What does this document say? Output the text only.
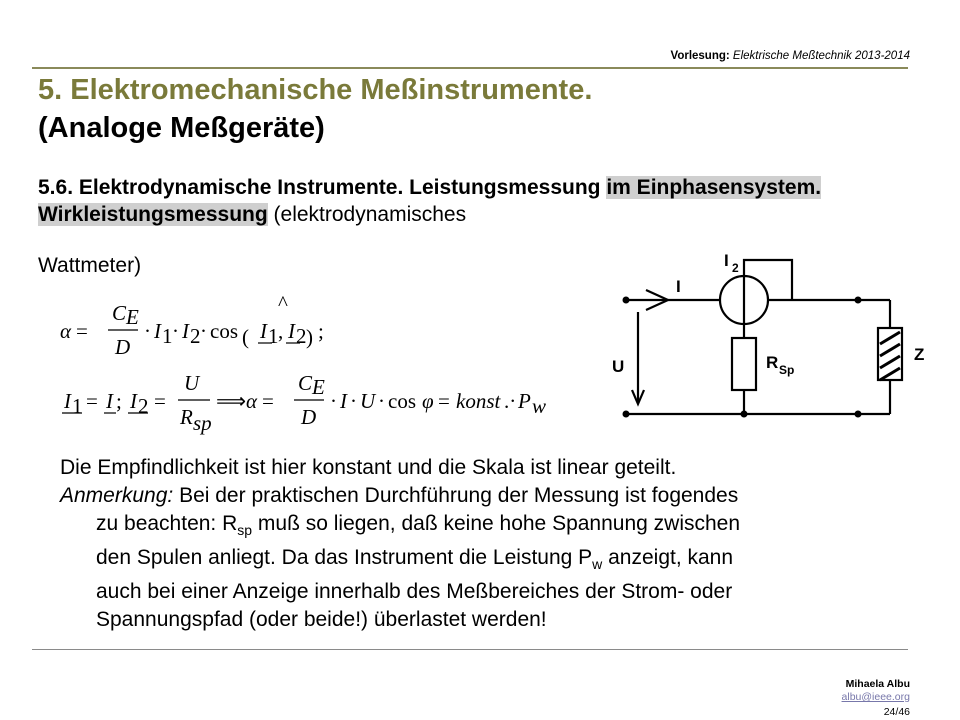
Vorlesung: Elektrische Meßtechnik 2013-2014
5. Elektromechanische Meßinstrumente.
(Analoge Meßgeräte)
5.6. Elektrodynamische Instrumente. Leistungsmessung im Einphasensystem. Wirkleistungsmessung (elektrodynamisches
Wattmeter)
α =
C E
D
· I 1 · I 2 · cos ( I 1 ,
^
I 2 ) ;
I 1 = I ; I 2 =
U
R sp
⟹ α =
C E
D
· I · U · cos φ = konst .· P w
I
I 2
U	R Sp
Z

Die Empfindlichkeit ist hier konstant und die Skala ist linear geteilt.

Anmerkung: Bei der praktischen Durchführung der Messung ist fogendes

zu beachten: $R_{sp}$ muß so liegen, daß keine hohe Spannung zwischen

den Spulen anliegt. Da das Instrument die Leistung $P_w$ anzeigt, kann

auch bei einer Anzeige innerhalb des Meßbereiches der Strom- oder

Spannungspfad (oder beide!) überlastet werden!

Mihaela Albu
albu@ieee.org
24/46
